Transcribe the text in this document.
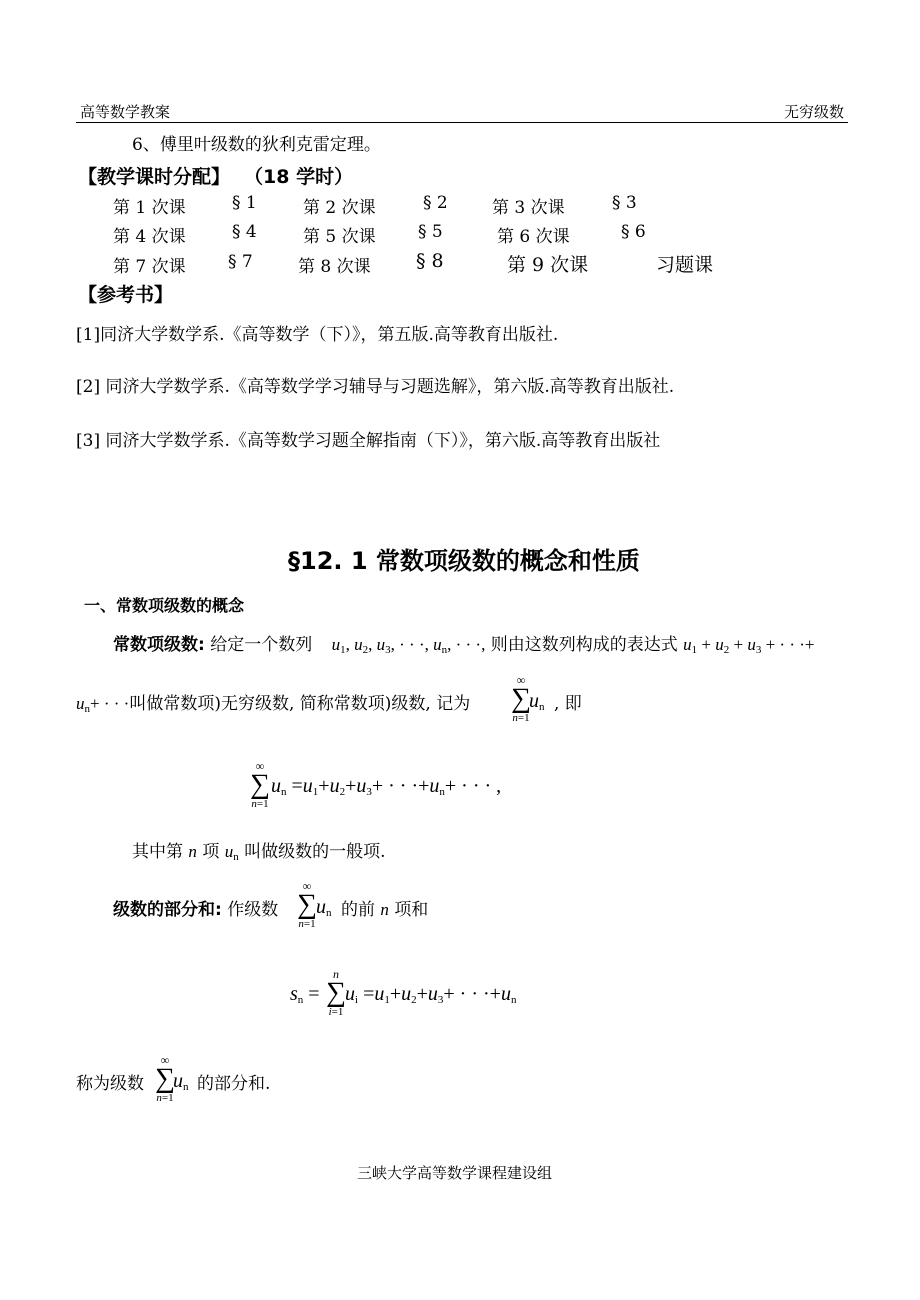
高等数学教案	无穷级数
6、傅里叶级数的狄利克雷定理。
【教学课时分配】 （18 学时）
第 1 次课	§ 1	第 2 次课	§ 2	第 3 次课	§ 3
第 4 次课	§ 4	第 5 次课 § 5	第 6 次课	§ 6
第 7 次课 § 7	第 8 次课 § 8	第 9 次课	习题课
【参考书】
[1]同济大学数学系.《高等数学（下）》，第五版.高等教育出版社.
[2] 同济大学数学系.《高等数学学习辅导与习题选解》，第六版.高等教育出版社.
[3] 同济大学数学系.《高等数学习题全解指南（下）》，第六版.高等教育出版社
§12. 1 常数项级数的概念和性质
一、常数项级数的概念
常数项级数: 给定一个数列 $u_1$, $u_2$, $u_3$, · · ·, $u_n$, · · ·, 则由这数列构成的表达式 $u_1 + u_2 + u_3$ + · · ·+
$u_n+$ · · ·叫做常数项)无穷级数, 简称常数项)级数, 记为
∞
∑
n=1
$u_n$ , 即
∞
∑
n=1
$u_n =u_1+u_2+u_3+$ · · $\cdot+u_n+$ · · · ,
其中第 n 项 $u_n$ 叫做级数的一般项.
级数的部分和: 作级数
∞
∑
n=1
$u_n$ 的前 n 项和
$s_n$ =
n
∑
i=1
$u_i =u_1+u_2+u_3+$ · · $\cdot+u_n$
称为级数
∞
∑
n=1
$u_n$ 的部分和.
三峡大学高等数学课程建设组
